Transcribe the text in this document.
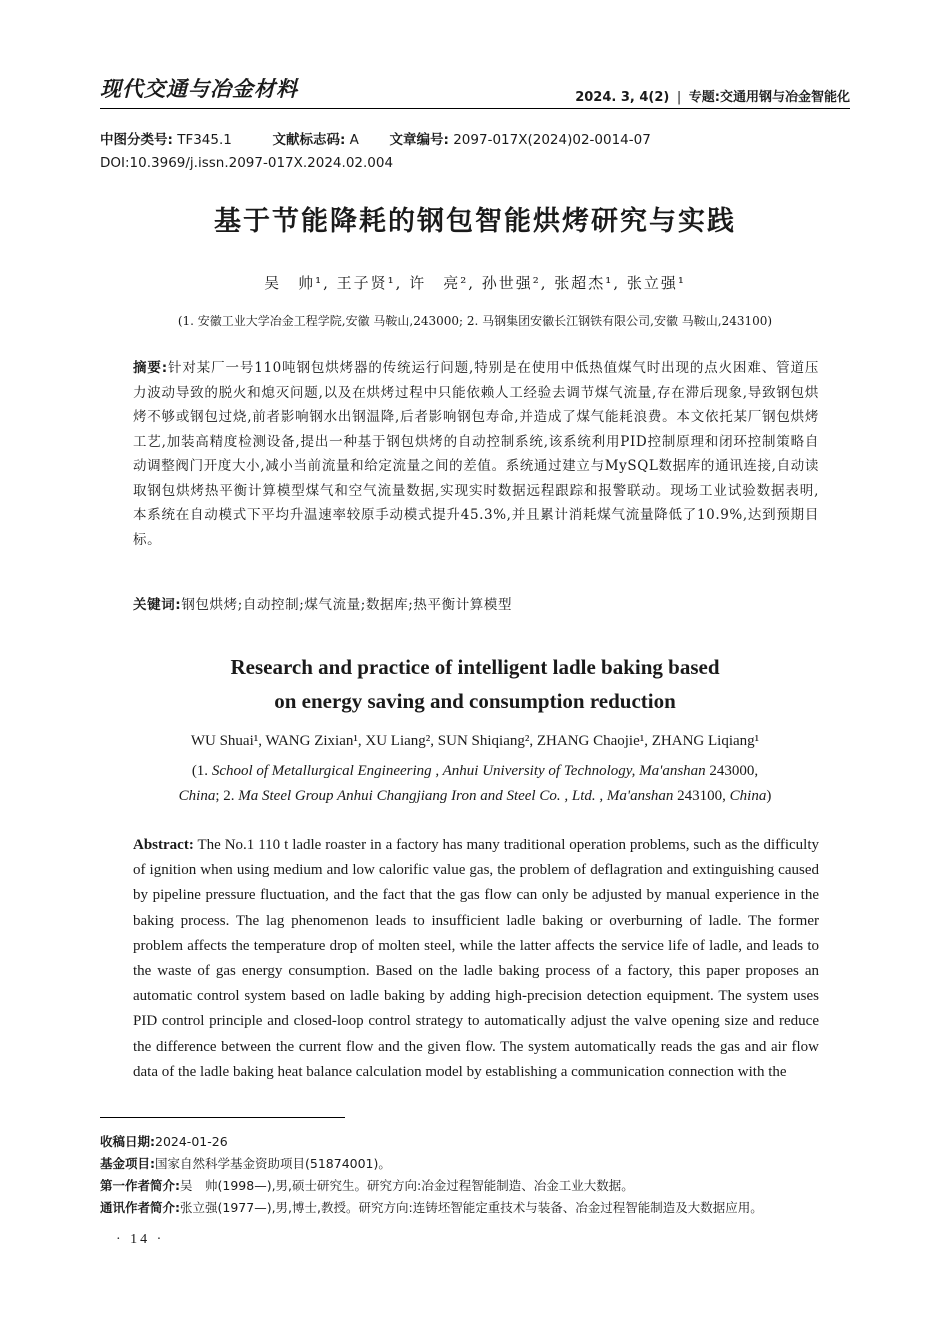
现代交通与冶金材料	2024. 3, 4(2) | 专题:交通用钢与冶金智能化
中图分类号: TF345.1	文献标志码: A 文章编号: 2097-017X(2024)02-0014-07
DOI:10.3969/j.issn.2097-017X.2024.02.004
基于节能降耗的钢包智能烘烤研究与实践
吴　帅¹, 王子贤¹, 许　亮², 孙世强², 张超杰¹, 张立强¹
(1. 安徽工业大学冶金工程学院,安徽 马鞍山,243000; 2. 马钢集团安徽长江钢铁有限公司,安徽 马鞍山,243100)
摘要:针对某厂一号110吨钢包烘烤器的传统运行问题,特别是在使用中低热值煤气时出现的点火困难、管道压力波动导致的脱火和熄灭问题,以及在烘烤过程中只能依赖人工经验去调节煤气流量,存在滞后现象,导致钢包烘烤不够或钢包过烧,前者影响钢水出钢温降,后者影响钢包寿命,并造成了煤气能耗浪费。本文依托某厂钢包烘烤工艺,加装高精度检测设备,提出一种基于钢包烘烤的自动控制系统,该系统利用PID控制原理和闭环控制策略自动调整阀门开度大小,减小当前流量和给定流量之间的差值。系统通过建立与MySQL数据库的通讯连接,自动读取钢包烘烤热平衡计算模型煤气和空气流量数据,实现实时数据远程跟踪和报警联动。现场工业试验数据表明,本系统在自动模式下平均升温速率较原手动模式提升45.3%,并且累计消耗煤气流量降低了10.9%,达到预期目标。
关键词:钢包烘烤;自动控制;煤气流量;数据库;热平衡计算模型
Research and practice of intelligent ladle baking based
on energy saving and consumption reduction
WU Shuai¹, WANG Zixian¹, XU Liang², SUN Shiqiang², ZHANG Chaojie¹, ZHANG Liqiang¹
(1. School of Metallurgical Engineering , Anhui University of Technology, Ma'anshan 243000,
China; 2. Ma Steel Group Anhui Changjiang Iron and Steel Co. , Ltd. , Ma'anshan 243100, China)
Abstract: The No.1 110 t ladle roaster in a factory has many traditional operation problems, such as the difficulty of ignition when using medium and low calorific value gas, the problem of deflagration and extinguishing caused by pipeline pressure fluctuation, and the fact that the gas flow can only be adjusted by manual experience in the baking process. The lag phenomenon leads to insufficient ladle baking or overburning of ladle. The former problem affects the temperature drop of molten steel, while the latter affects the service life of ladle, and leads to the waste of gas energy consumption. Based on the ladle baking process of a factory, this paper proposes an automatic control system based on ladle baking by adding high-precision detection equipment. The system uses PID control principle and closed-loop control strategy to automatically adjust the valve opening size and reduce the difference between the current flow and the given flow. The system automatically reads the gas and air flow data of the ladle baking heat balance calculation model by establishing a communication connection with the
收稿日期:2024-01-26
基金项目:国家自然科学基金资助项目(51874001)。
第一作者简介:吴　帅(1998—),男,硕士研究生。研究方向:冶金过程智能制造、冶金工业大数据。
通讯作者简介:张立强(1977—),男,博士,教授。研究方向:连铸坯智能定重技术与装备、冶金过程智能制造及大数据应用。
· 14 ·
